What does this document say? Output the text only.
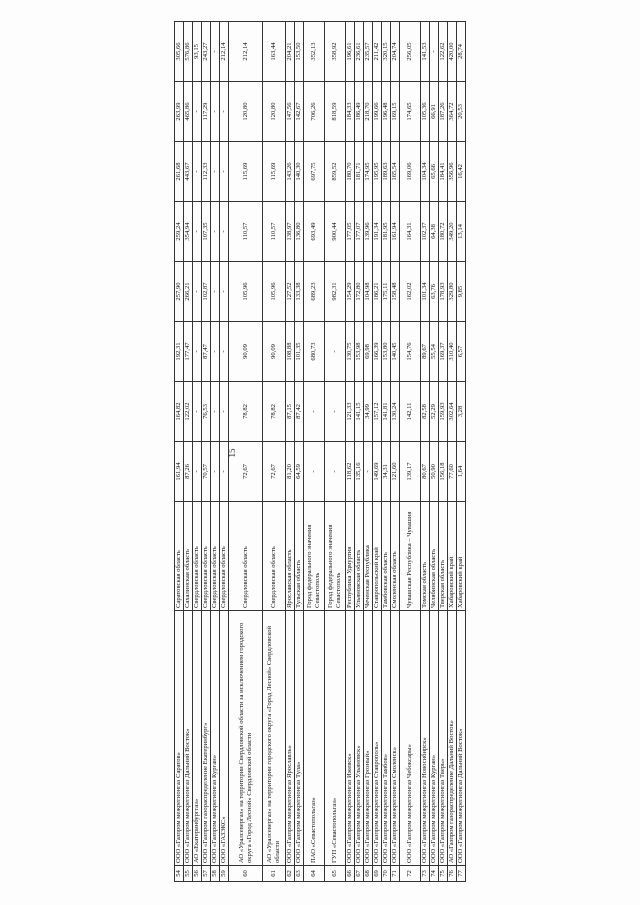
15
54	ООО «Газпром межрегионгаз Саратов»	Саратовская область	161,94	164,82	192,31	257,90	259,24	261,68	263,99	305,66
55	ООО «Газпром межрегионгаз Дальний Восток»	Сахалинская область	87,26	122,02	177,47	266,21	354,94	443,67	465,86	576,86
56	АО «Екатеринбурггаз»	Свердловская область	-	-	-	-	-	-	-	93,15
57	ООО «Газпром газораспределение Екатеринбург»	Свердловская область	70,57	76,53	87,47	102,87	107,35	112,33	117,29	243,27
58	ООО «Газпром межрегионгаз Курган»	Свердловская область	-	-	-	-	-	-	-	-
59	ООО «ГАЗЭКС»	Свердловская область	-	-	-	-	-	-	-	212,14
60	АО «Уралсевергаз» на территории Свердловской области за исключением городского округа «Город Лесной» Свердловской области	Свердловская область	72,67	78,82	90,09	105,96	110,57	115,69	120,80	212,14
61	АО «Уралсевергаз» на территории городского округа «Город Лесной» Свердловской области	Свердловская область	72,67	78,82	90,09	105,96	110,57	115,69	120,80	163,44
62	ООО «Газпром межрегионгаз Ярославль»	Ярославская область	81,20	87,15	108,88	127,52	138,97	143,26	147,56	204,21
63	ООО «Газпром межрегионгаз Тула»	Тульская область	64,59	87,42	101,35	133,38	136,80	140,30	142,67	153,50
64	ПАО «Севастопольгаз»	Город федерального значения Севастополь	-	-	680,73	689,23	693,49	697,75	706,26	352,13
65	ГУП «Севастопольгаз»	Город федерального значения Севастополь	-	-	-	982,31	900,44	859,52	818,59	358,92
66	ООО «Газпром межрегионгаз Ижевск»	Республика Удмуртия	118,62	121,33	130,75	154,29	177,05	180,70	184,33	196,61
67	ООО «Газпром межрегионгаз Ульяновск»	Ульяновская область	135,16	141,15	153,98	172,80	177,07	181,71	186,49	236,61
68	ООО «Газпром межрегионгаз Грозный»	Чеченская Республика	-	34,99	69,98	104,98	139,96	174,95	218,70	235,57
69	ООО «Газпром межрегионгаз Ставрополь»	Ставропольский край	149,69	157,12	166,39	186,21	191,34	195,95	199,66	211,42
70	ООО «Газпром межрегионгаз Тамбов»	Тамбовская область	34,31	141,81	153,80	175,11	181,95	189,63	196,48	320,15
71	ООО «Газпром межрегионгаз Смоленск»	Смоленская область	121,60	130,24	140,45	158,48	161,94	165,54	169,15	204,74
72	ООО «Газпром межрегионгаз Чебоксары»	Чувашская Республика – Чувашия	139,17	142,11	154,76	162,02	164,31	169,06	174,65	256,05
73	ООО «Газпром межрегионгаз Новосибирск»	Томская область	80,67	82,58	89,67	101,34	102,37	104,34	105,36	141,53
74	ООО «Газпром межрегионгаз Курган»	Челябинская область	50,90	52,29	55,54	63,76	64,38	65,66	66,91	-
75	ООО «Газпром межрегионгаз Тверь»	Тверская область	156,18	159,93	169,37	178,93	180,72	184,41	187,26	122,62
76	АО «Газпром газораспределение Дальний Восток»	Хабаровский край	77,60	302,64	310,40	329,80	349,20	356,96	364,72	420,00
77	ООО «Газпром межрегионгаз Дальний Восток»	Хабаровский край	1,64	3,28	6,57	9,85	13,14	16,42	20,53	28,74
